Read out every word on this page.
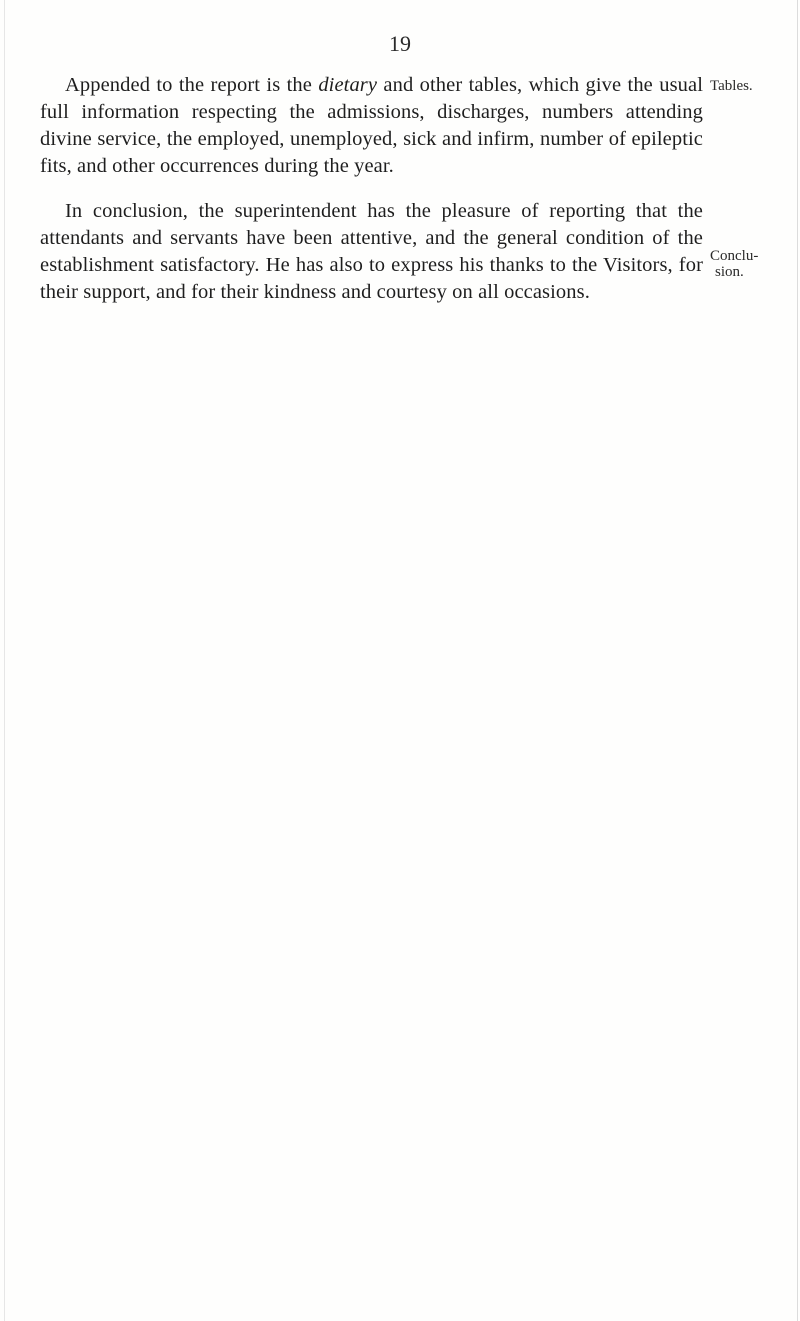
19

Appended to the report is the dietary and other tables, which give the usual full information respecting the admissions, discharges, numbers attending divine service, the employed, unemployed, sick and infirm, number of epileptic fits, and other occurrences during the year.

In conclusion, the superintendent has the pleasure of reporting that the attendants and servants have been attentive, and the general condition of the establishment satisfactory. He has also to express his thanks to the Visitors, for their support, and for their kindness and courtesy on all occasions.

Tables.
Conclu-
sion.
